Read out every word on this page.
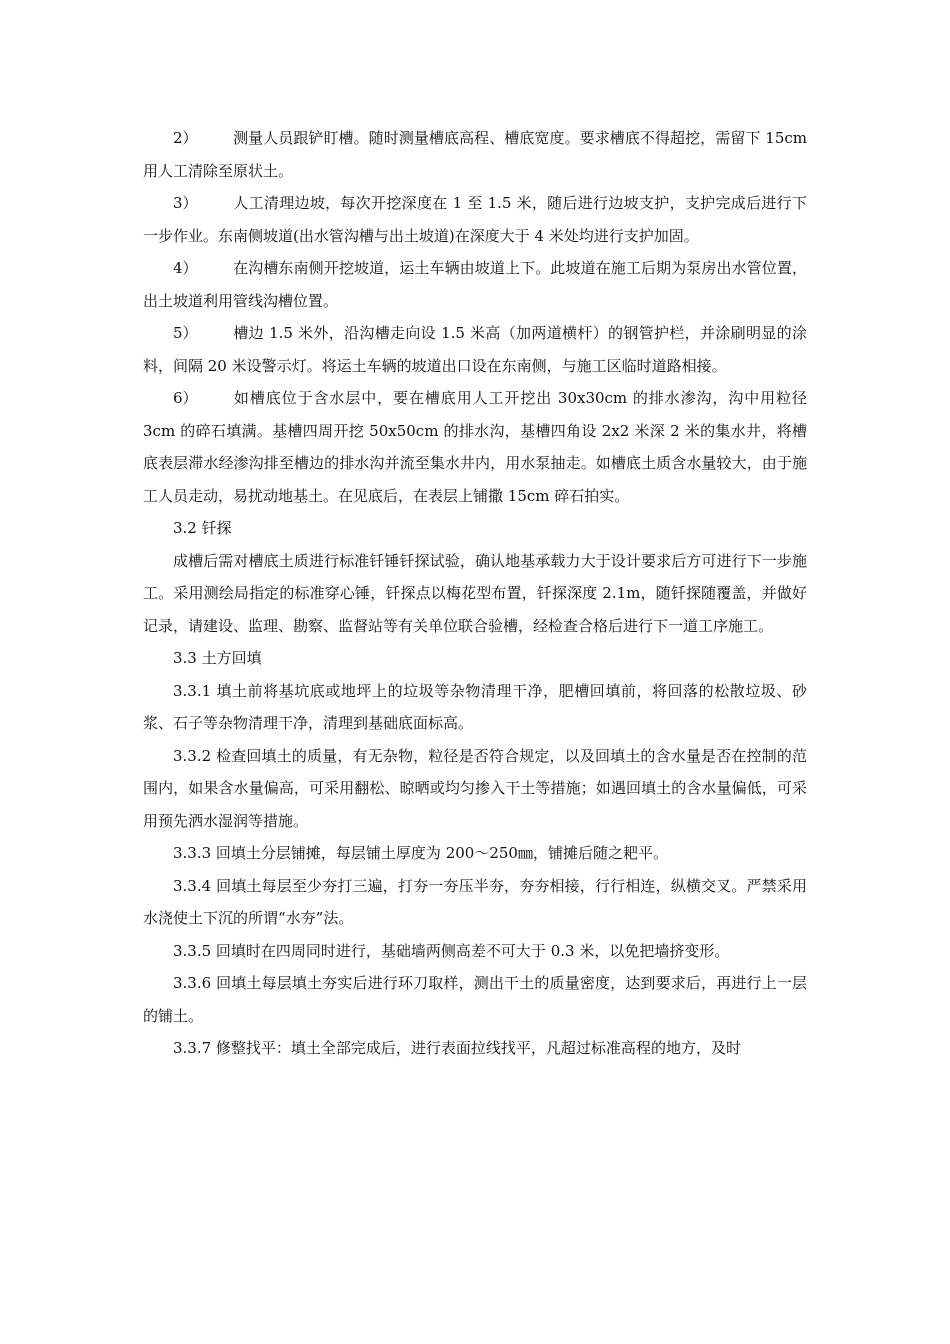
2） 测量人员跟铲盯槽。随时测量槽底高程、槽底宽度。要求槽底不得超挖，需留下 15cm 用人工清除至原状土。

3） 人工清理边坡，每次开挖深度在 1 至 1.5 米，随后进行边坡支护，支护完成后进行下一步作业。东南侧坡道(出水管沟槽与出土坡道)在深度大于 4 米处均进行支护加固。

4） 在沟槽东南侧开挖坡道，运土车辆由坡道上下。此坡道在施工后期为泵房出水管位置，出土坡道利用管线沟槽位置。

5） 槽边 1.5 米外，沿沟槽走向设 1.5 米高（加两道横杆）的钢管护栏，并涂刷明显的涂料，间隔 20 米设警示灯。将运土车辆的坡道出口设在东南侧，与施工区临时道路相接。

6） 如槽底位于含水层中，要在槽底用人工开挖出 30x30cm 的排水渗沟，沟中用粒径 3cm 的碎石填满。基槽四周开挖 50x50cm 的排水沟，基槽四角设 2x2 米深 2 米的集水井，将槽底表层滞水经渗沟排至槽边的排水沟并流至集水井内，用水泵抽走。如槽底土质含水量较大，由于施工人员走动，易扰动地基土。在见底后，在表层上铺撒 15cm 碎石拍实。

3.2 钎探

成槽后需对槽底土质进行标准钎锤钎探试验，确认地基承载力大于设计要求后方可进行下一步施工。采用测绘局指定的标准穿心锤，钎探点以梅花型布置，钎探深度 2.1m，随钎探随覆盖，并做好记录，请建设、监理、勘察、监督站等有关单位联合验槽，经检查合格后进行下一道工序施工。

3.3 土方回填

3.3.1 填土前将基坑底或地坪上的垃圾等杂物清理干净，肥槽回填前，将回落的松散垃圾、砂浆、石子等杂物清理干净，清理到基础底面标高。

3.3.2 检查回填土的质量，有无杂物，粒径是否符合规定，以及回填土的含水量是否在控制的范围内，如果含水量偏高，可采用翻松、晾晒或均匀掺入干土等措施；如遇回填土的含水量偏低，可采用预先洒水湿润等措施。

3.3.3 回填土分层铺摊，每层铺土厚度为 200～250㎜，铺摊后随之耙平。

3.3.4 回填土每层至少夯打三遍，打夯一夯压半夯，夯夯相接，行行相连，纵横交叉。严禁采用水浇使土下沉的所谓“水夯”法。

3.3.5 回填时在四周同时进行，基础墙两侧高差不可大于 0.3 米，以免把墙挤变形。

3.3.6 回填土每层填土夯实后进行环刀取样，测出干土的质量密度，达到要求后，再进行上一层的铺土。

3.3.7 修整找平：填土全部完成后，进行表面拉线找平，凡超过标准高程的地方，及时
